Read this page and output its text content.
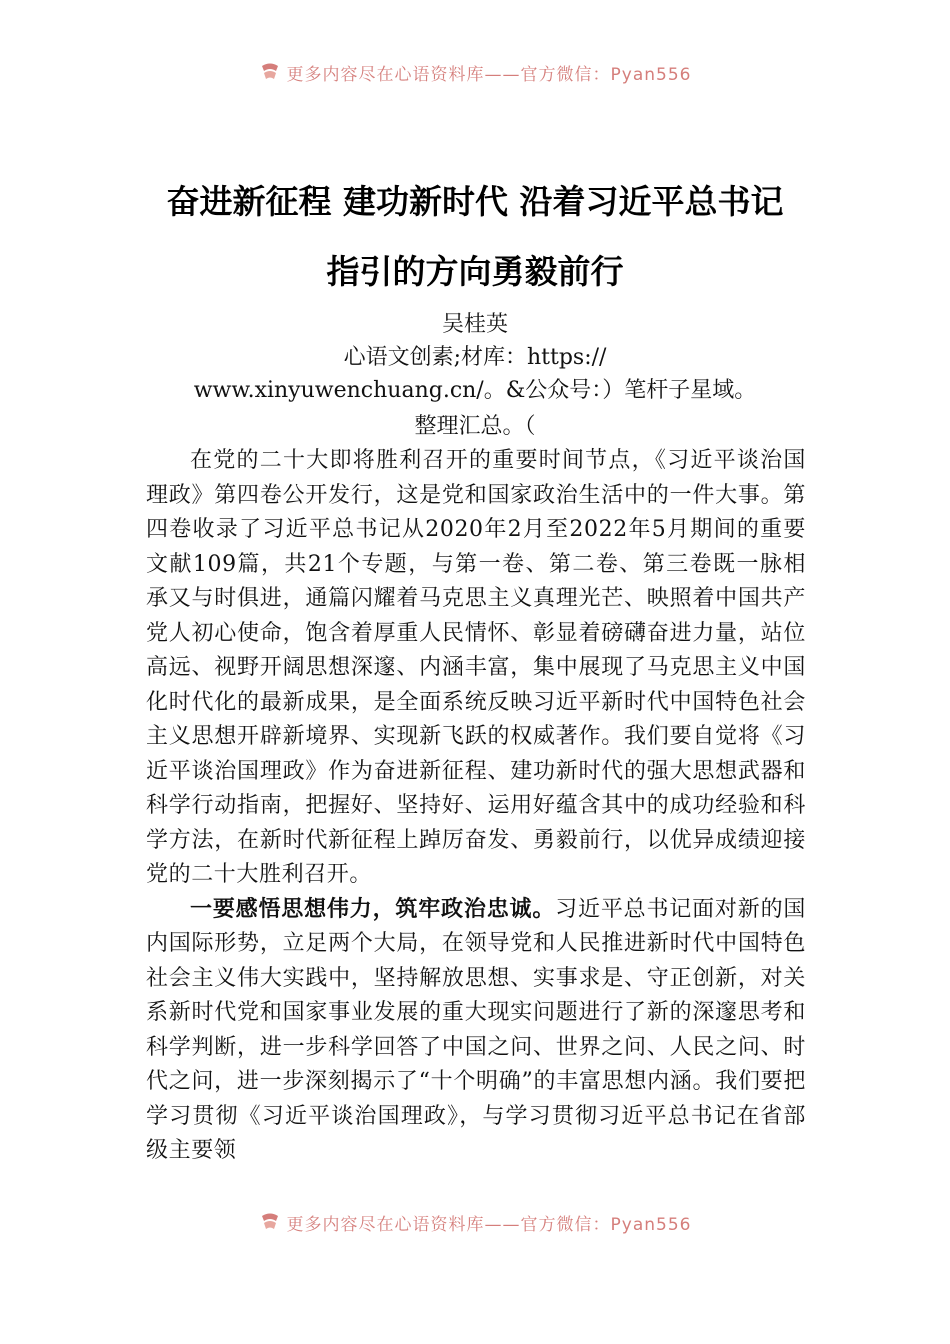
更多内容尽在心语资料库——官方微信：Pyan556
奋进新征程 建功新时代 沿着习近平总书记
指引的方向勇毅前行
吴桂英
心语文创素;材库：https://
www.xinyuwenchuang.cn/。&公众号：）笔杆子星域。
整理汇总。（

在党的二十大即将胜利召开的重要时间节点，《习近平谈治国理政》第四卷公开发行，这是党和国家政治生活中的一件大事。第四卷收录了习近平总书记从2020年2月至2022年5月期间的重要文献109篇，共21个专题，与第一卷、第二卷、第三卷既一脉相承又与时俱进，通篇闪耀着马克思主义真理光芒、映照着中国共产党人初心使命，饱含着厚重人民情怀、彰显着磅礴奋进力量，站位高远、视野开阔思想深邃、内涵丰富，集中展现了马克思主义中国化时代化的最新成果，是全面系统反映习近平新时代中国特色社会主义思想开辟新境界、实现新飞跃的权威著作。我们要自觉将《习近平谈治国理政》作为奋进新征程、建功新时代的强大思想武器和科学行动指南，把握好、坚持好、运用好蕴含其中的成功经验和科学方法，在新时代新征程上踔厉奋发、勇毅前行，以优异成绩迎接党的二十大胜利召开。

一要感悟思想伟力，筑牢政治忠诚。习近平总书记面对新的国内国际形势，立足两个大局，在领导党和人民推进新时代中国特色社会主义伟大实践中，坚持解放思想、实事求是、守正创新，对关系新时代党和国家事业发展的重大现实问题进行了新的深邃思考和科学判断，进一步科学回答了中国之问、世界之问、人民之问、时代之问，进一步深刻揭示了“十个明确”的丰富思想内涵。我们要把学习贯彻《习近平谈治国理政》，与学习贯彻习近平总书记在省部级主要领

更多内容尽在心语资料库——官方微信：Pyan556
